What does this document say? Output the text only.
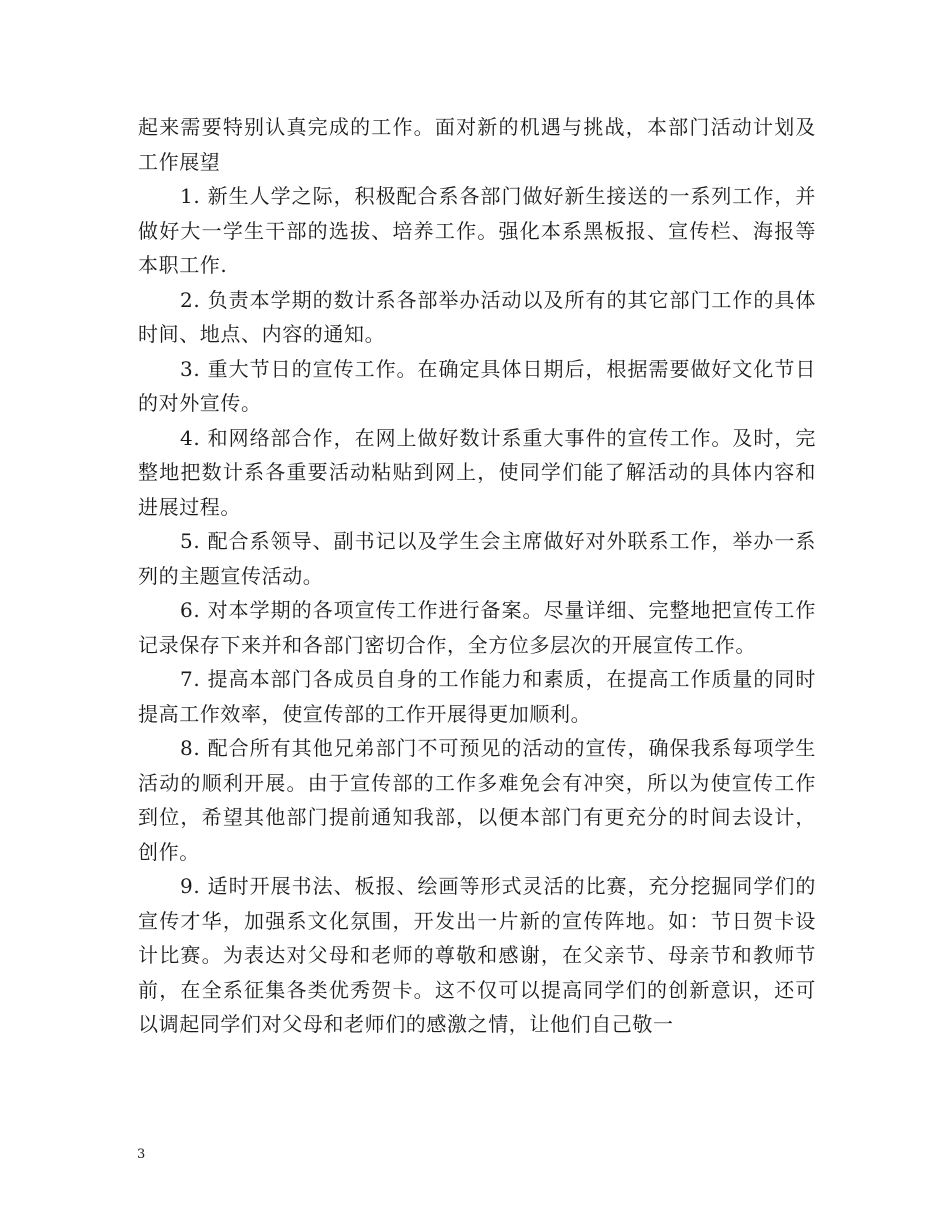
起来需要特别认真完成的工作。面对新的机遇与挑战，本部门活动计划及工作展望

1. 新生人学之际，积极配合系各部门做好新生接送的一系列工作，并做好大一学生干部的选拔、培养工作。强化本系黑板报、宣传栏、海报等本职工作.

2. 负责本学期的数计系各部举办活动以及所有的其它部门工作的具体时间、地点、内容的通知。

3. 重大节日的宣传工作。在确定具体日期后，根据需要做好文化节日的对外宣传。

4. 和网络部合作，在网上做好数计系重大事件的宣传工作。及时，完整地把数计系各重要活动粘贴到网上，使同学们能了解活动的具体内容和进展过程。

5. 配合系领导、副书记以及学生会主席做好对外联系工作，举办一系列的主题宣传活动。

6. 对本学期的各项宣传工作进行备案。尽量详细、完整地把宣传工作记录保存下来并和各部门密切合作，全方位多层次的开展宣传工作。

7. 提高本部门各成员自身的工作能力和素质，在提高工作质量的同时提高工作效率，使宣传部的工作开展得更加顺利。

8. 配合所有其他兄弟部门不可预见的活动的宣传，确保我系每项学生活动的顺利开展。由于宣传部的工作多难免会有冲突，所以为使宣传工作到位，希望其他部门提前通知我部，以便本部门有更充分的时间去设计，创作。

9. 适时开展书法、板报、绘画等形式灵活的比赛，充分挖掘同学们的宣传才华，加强系文化氛围，开发出一片新的宣传阵地。如：节日贺卡设计比赛。为表达对父母和老师的尊敬和感谢，在父亲节、母亲节和教师节前，在全系征集各类优秀贺卡。这不仅可以提高同学们的创新意识，还可以调起同学们对父母和老师们的感激之情，让他们自己敬一

3
